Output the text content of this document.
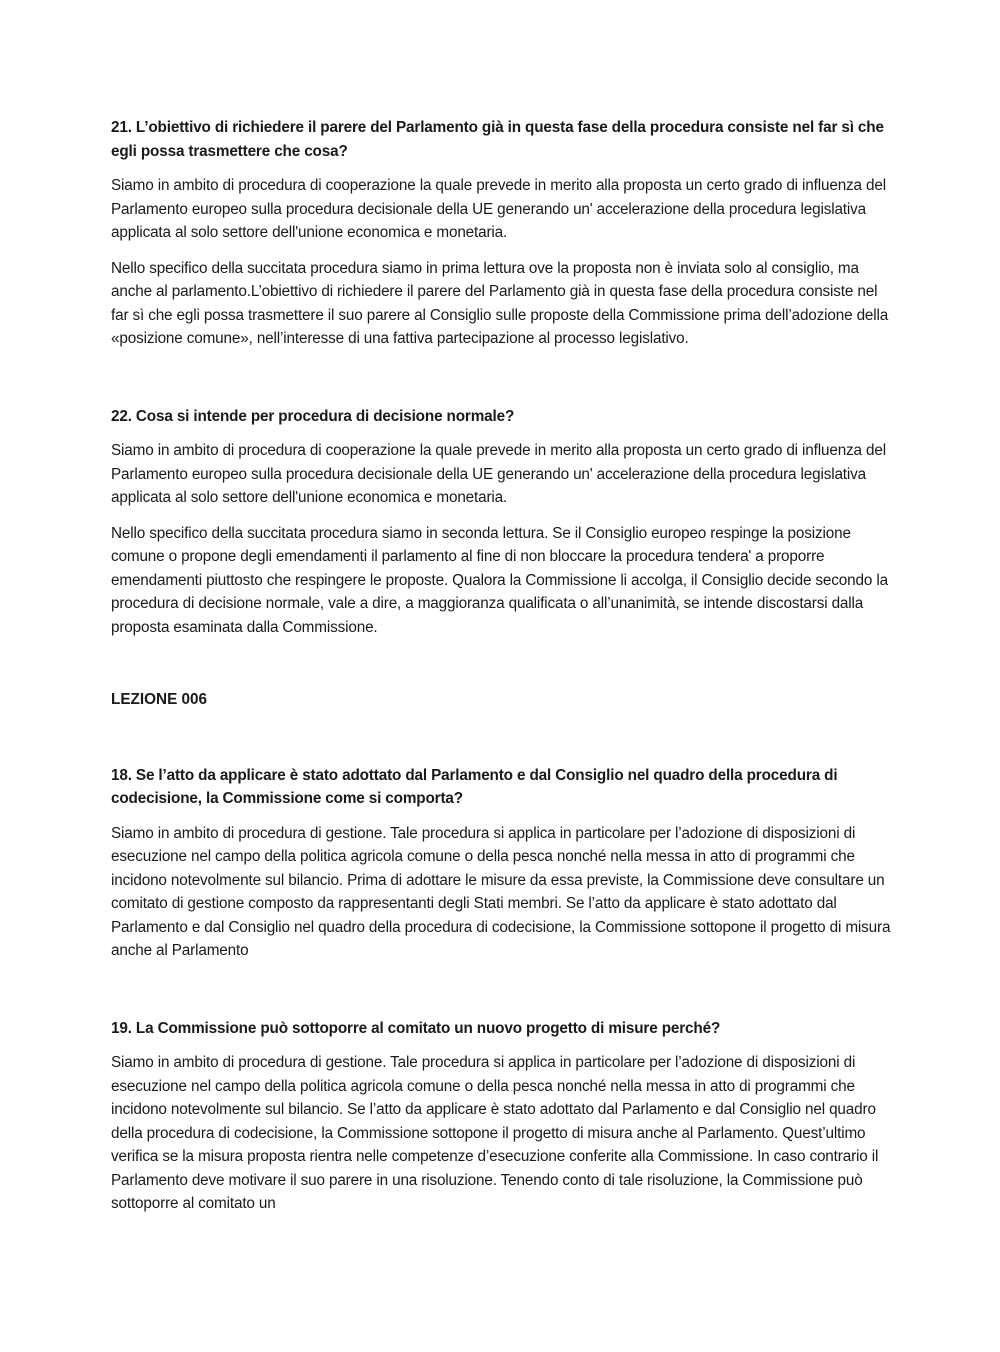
21. L’obiettivo di richiedere il parere del Parlamento già in questa fase della procedura consiste nel far sì che egli possa trasmettere che cosa?

Siamo in ambito di procedura di cooperazione la quale prevede in merito alla proposta un certo grado di influenza del Parlamento europeo sulla procedura decisionale della UE generando un' accelerazione della procedura legislativa applicata al solo settore dell'unione economica e monetaria.

Nello specifico della succitata procedura siamo in prima lettura ove la proposta non è inviata solo al consiglio, ma anche al parlamento.L’obiettivo di richiedere il parere del Parlamento già in questa fase della procedura consiste nel far sì che egli possa trasmettere il suo parere al Consiglio sulle proposte della Commissione prima dell’adozione della «posizione comune», nell’interesse di una fattiva partecipazione al processo legislativo.

22. Cosa si intende per procedura di decisione normale?

Siamo in ambito di procedura di cooperazione la quale prevede in merito alla proposta un certo grado di influenza del Parlamento europeo sulla procedura decisionale della UE generando un' accelerazione della procedura legislativa applicata al solo settore dell'unione economica e monetaria.

Nello specifico della succitata procedura siamo in seconda lettura. Se il Consiglio europeo respinge la posizione comune o propone degli emendamenti il parlamento al fine di non bloccare la procedura tendera' a proporre emendamenti piuttosto che respingere le proposte. Qualora la Commissione li accolga, il Consiglio decide secondo la procedura di decisione normale, vale a dire, a maggioranza qualificata o all’unanimità, se intende discostarsi dalla proposta esaminata dalla Commissione.

LEZIONE 006

18. Se l’atto da applicare è stato adottato dal Parlamento e dal Consiglio nel quadro della procedura di codecisione, la Commissione come si comporta?

Siamo in ambito di procedura di gestione. Tale procedura si applica in particolare per l’adozione di disposizioni di esecuzione nel campo della politica agricola comune o della pesca nonché nella messa in atto di programmi che incidono notevolmente sul bilancio. Prima di adottare le misure da essa previste, la Commissione deve consultare un comitato di gestione composto da rappresentanti degli Stati membri. Se l’atto da applicare è stato adottato dal Parlamento e dal Consiglio nel quadro della procedura di codecisione, la Commissione sottopone il progetto di misura anche al Parlamento

19. La Commissione può sottoporre al comitato un nuovo progetto di misure perché?

Siamo in ambito di procedura di gestione. Tale procedura si applica in particolare per l’adozione di disposizioni di esecuzione nel campo della politica agricola comune o della pesca nonché nella messa in atto di programmi che incidono notevolmente sul bilancio. Se l’atto da applicare è stato adottato dal Parlamento e dal Consiglio nel quadro della procedura di codecisione, la Commissione sottopone il progetto di misura anche al Parlamento. Quest’ultimo verifica se la misura proposta rientra nelle competenze d’esecuzione conferite alla Commissione. In caso contrario il Parlamento deve motivare il suo parere in una risoluzione. Tenendo conto di tale risoluzione, la Commissione può sottoporre al comitato un
